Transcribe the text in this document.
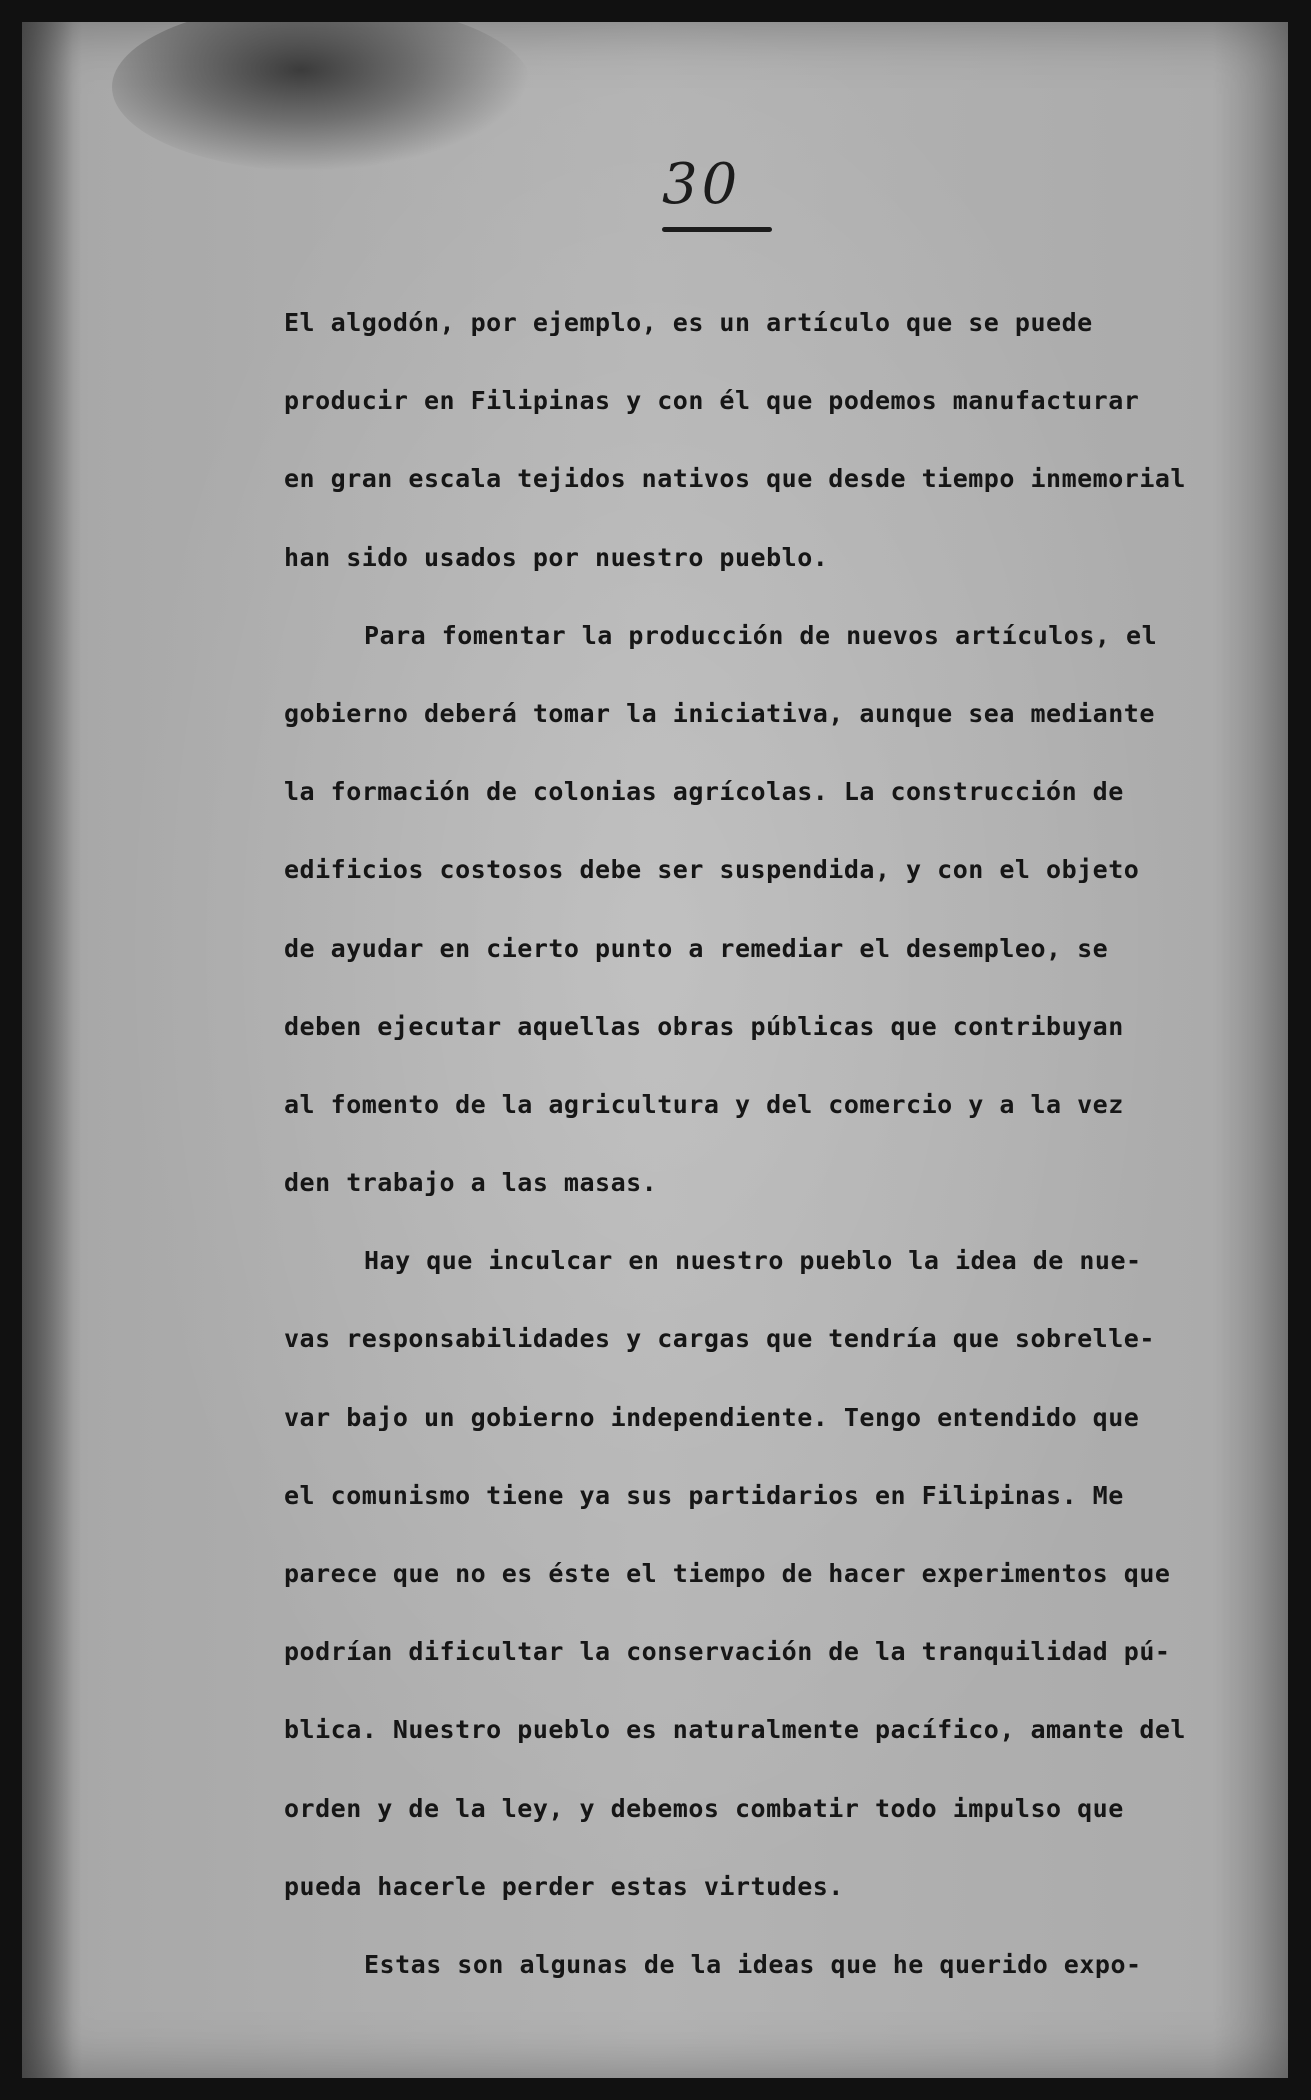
30
El algodón, por ejemplo, es un artículo que se puede
producir en Filipinas y con él que podemos manufacturar
en gran escala tejidos nativos que desde tiempo inmemorial
han sido usados por nuestro pueblo.
Para fomentar la producción de nuevos artículos, el
gobierno deberá tomar la iniciativa, aunque sea mediante
la formación de colonias agrícolas. La construcción de
edificios costosos debe ser suspendida, y con el objeto
de ayudar en cierto punto a remediar el desempleo, se
deben ejecutar aquellas obras públicas que contribuyan
al fomento de la agricultura y del comercio y a la vez
den trabajo a las masas.
Hay que inculcar en nuestro pueblo la idea de nue-
vas responsabilidades y cargas que tendría que sobrelle-
var bajo un gobierno independiente. Tengo entendido que
el comunismo tiene ya sus partidarios en Filipinas. Me
parece que no es éste el tiempo de hacer experimentos que
podrían dificultar la conservación de la tranquilidad pú-
blica. Nuestro pueblo es naturalmente pacífico, amante del
orden y de la ley, y debemos combatir todo impulso que
pueda hacerle perder estas virtudes.
Estas son algunas de la ideas que he querido expo-
